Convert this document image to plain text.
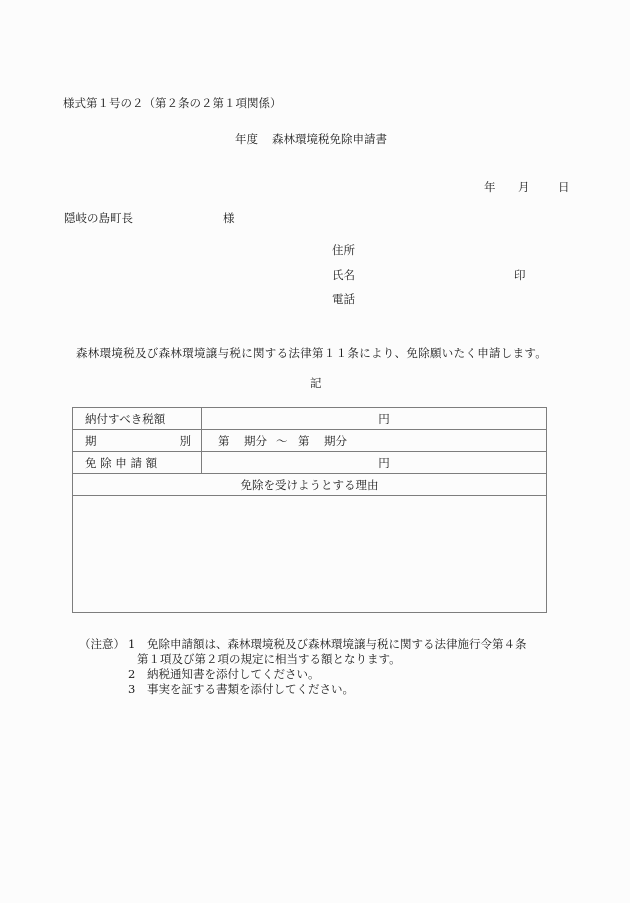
様式第１号の２（第２条の２第１項関係）
年度 森林環境税免除申請書
年 月 日
隠岐の島町長	様
住所
氏名	印
電話
森林環境税及び森林環境譲与税に関する法律第１１条により、免除願いたく申請します。
記
納付すべき税額	円
期　　　　　別	第 期分 ～ 第 期分
免 除 申 請 額	円
免除を受けようとする理由	

（注意） 1 免除申請額は、森林環境税及び森林環境譲与税に関する法律施行令第４条
第１項及び第２項の規定に相当する額となります。
2 納税通知書を添付してください。
3 事実を証する書類を添付してください。
